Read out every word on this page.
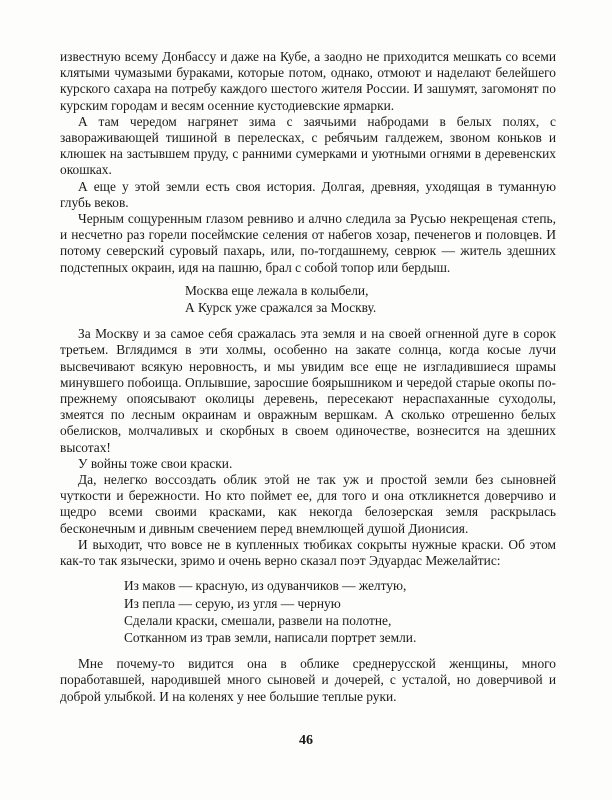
известную всему Донбассу и даже на Кубе, а заодно не приходится мешкать со всеми клятыми чумазыми бураками, которые потом, однако, отмоют и наделают белейшего курского сахара на потребу каждого шестого жителя России. И зашумят, загомонят по курским городам и весям осенние кустодиевские ярмарки.

А там чередом нагрянет зима с заячьими набродами в белых полях, с завораживающей тишиной в перелесках, с ребячьим галдежем, звоном коньков и клюшек на застывшем пруду, с ранними сумерками и уютными огнями в деревенских окошках.

А еще у этой земли есть своя история. Долгая, древняя, уходящая в туманную глубь веков.

Черным сощуренным глазом ревниво и алчно следила за Русью некрещеная степь, и несчетно раз горели посеймские селения от набегов хозар, печенегов и половцев. И потому северский суровый пахарь, или, по-тогдашнему, севрюк — житель здешних подстепных окраин, идя на пашню, брал с собой топор или бердыш.

Москва еще лежала в колыбели,
А Курск уже сражался за Москву.

За Москву и за самое себя сражалась эта земля и на своей огненной дуге в сорок третьем. Вглядимся в эти холмы, особенно на закате солнца, когда косые лучи высвечивают всякую неровность, и мы увидим все еще не изгладившиеся шрамы минувшего побоища. Оплывшие, заросшие боярышником и чередой старые окопы по-прежнему опоясывают околицы деревень, пересекают нераспаханные суходолы, змеятся по лесным окраинам и овражным вершкам. А сколько отрешенно белых обелисков, молчаливых и скорбных в своем одиночестве, вознесится на здешних высотах!

У войны тоже свои краски.

Да, нелегко воссоздать облик этой не так уж и простой земли без сыновней чуткости и бережности. Но кто поймет ее, для того и она откликнется доверчиво и щедро всеми своими красками, как некогда белозерская земля раскрылась бесконечным и дивным свечением перед внемлющей душой Дионисия.

И выходит, что вовсе не в купленных тюбиках сокрыты нужные краски. Об этом как-то так язычески, зримо и очень верно сказал поэт Эдуардас Межелайтис:

Из маков — красную, из одуванчиков — желтую,
Из пепла — серую, из угля — черную
Сделали краски, смешали, развели на полотне,
Сотканном из трав земли, написали портрет земли.

Мне почему-то видится она в облике среднерусской женщины, много поработавшей, народившей много сыновей и дочерей, с усталой, но доверчивой и доброй улыбкой. И на коленях у нее большие теплые руки.

46
